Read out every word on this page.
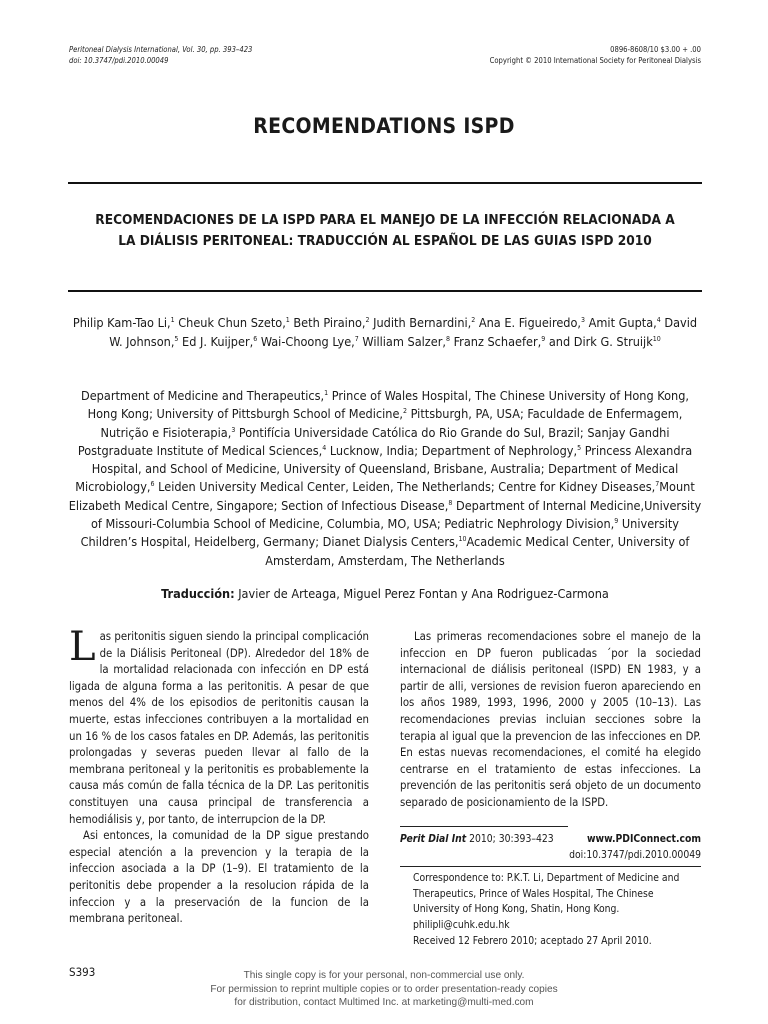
Peritoneal Dialysis International, Vol. 30, pp. 393–423
doi: 10.3747/pdi.2010.00049
0896-8608/10 $3.00 + .00
Copyright © 2010 International Society for Peritoneal Dialysis
RECOMENDATIONS ISPD
RECOMENDACIONES DE LA ISPD PARA EL MANEJO DE LA INFECCIÓN RELACIONADA A
LA DIÁLISIS PERITONEAL: TRADUCCIÓN AL ESPAÑOL DE LAS GUIAS ISPD 2010
Philip Kam-Tao Li,$^1$ Cheuk Chun Szeto,$^1$ Beth Piraino,$^2$ Judith Bernardini,$^2$ Ana E. Figueiredo,$^3$ Amit Gupta,$^4$ David W. Johnson,$^5$ Ed J. Kuijper,$^6$ Wai-Choong Lye,$^7$ William Salzer,$^8$ Franz Schaefer,$^9$ and Dirk G. Struijk$^{10}$
Department of Medicine and Therapeutics,$^1$ Prince of Wales Hospital, The Chinese University of Hong Kong, Hong Kong; University of Pittsburgh School of Medicine,$^2$ Pittsburgh, PA, USA; Faculdade de Enfermagem, Nutrição e Fisioterapia,$^3$ Pontifícia Universidade Católica do Rio Grande do Sul, Brazil; Sanjay Gandhi Postgraduate Institute of Medical Sciences,$^4$ Lucknow, India; Department of Nephrology,$^5$ Princess Alexandra Hospital, and School of Medicine, University of Queensland, Brisbane, Australia; Department of Medical Microbiology,$^6$ Leiden University Medical Center, Leiden, The Netherlands; Centre for Kidney Diseases,$^7$Mount Elizabeth Medical Centre, Singapore; Section of Infectious Disease,$^8$ Department of Internal Medicine,University of Missouri-Columbia School of Medicine, Columbia, MO, USA; Pediatric Nephrology Division,$^9$ University Children’s Hospital, Heidelberg, Germany; Dianet Dialysis Centers,$^{10}$Academic Medical Center, University of Amsterdam, Amsterdam, The Netherlands
Traducción: Javier de Arteaga, Miguel Perez Fontan y Ana Rodriguez-Carmona

Las peritonitis siguen siendo la principal complicación de la Diálisis Peritoneal (DP). Alrededor del 18% de la mortalidad relacionada con infección en DP está ligada de alguna forma a las peritonitis. A pesar de que menos del 4% de los episodios de peritonitis causan la muerte, estas infecciones contribuyen a la mortalidad en un 16 % de los casos fatales en DP. Además, las peritonitis prolongadas y severas pueden llevar al fallo de la membrana peritoneal y la peritonitis es probablemente la causa más común de falla técnica de la DP. Las peritonitis constituyen una causa principal de transferencia a hemodiálisis y, por tanto, de interrupcion de la DP.

Asi entonces, la comunidad de la DP sigue prestando especial atención a la prevencion y la terapia de la infeccion asociada a la DP (1–9). El tratamiento de la peritonitis debe propender a la resolucion rápida de la infeccion y a la preservación de la funcion de la membrana peritoneal.

Las primeras recomendaciones sobre el manejo de la infeccion en DP fueron publicadas ´por la sociedad internacional de diálisis peritoneal (ISPD) EN 1983, y a partir de alli, versiones de revision fueron apareciendo en los años 1989, 1993, 1996, 2000 y 2005 (10–13). Las recomendaciones previas incluian secciones sobre la terapia al igual que la prevencion de las infecciones en DP. En estas nuevas recomendaciones, el comité ha elegido centrarse en el tratamiento de estas infecciones. La prevención de las peritonitis será objeto de un documento separado de posicionamiento de la ISPD.

Perit Dial Int 2010; 30:393–423	www.PDIConnect.com
doi:10.3747/pdi.2010.00049

Correspondence to: P.K.T. Li, Department of Medicine and Therapeutics, Prince of Wales Hospital, The Chinese University of Hong Kong, Shatin, Hong Kong.

philipli@cuhk.edu.hk

Received 12 Febrero 2010; aceptado 27 April 2010.

S393	This single copy is for your personal, non-commercial use only.
For permission to reprint multiple copies or to order presentation-ready copies
for distribution, contact Multimed Inc. at marketing@multi-med.com
